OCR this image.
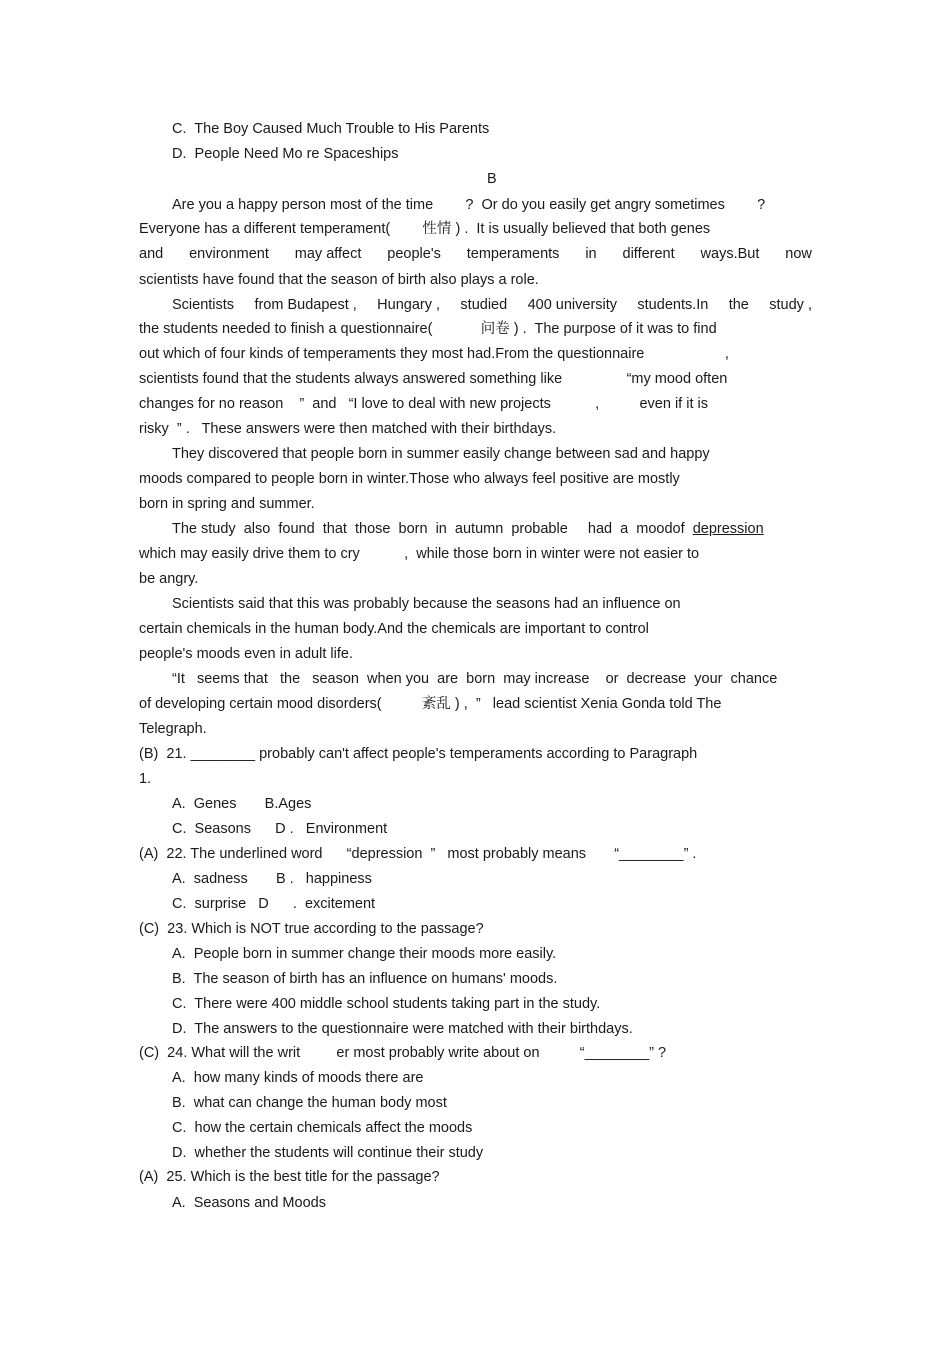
C.  The Boy Caused Much Trouble to His Parents
D.  People Need Mo re Spaceships
B
Are you a happy person most of the time        ?  Or do you easily get angry sometimes        ?
Everyone has a different temperament(        性情 ) .  It is usually believed that both genes
and environment may affect people's temperaments in different ways.But now
scientists have found that the season of birth also plays a role.
Scientists from Budapest , Hungary , studied 400 university students.In the study ,
the students needed to finish a questionnaire(            问卷 ) .  The purpose of it was to find
out which of four kinds of temperaments they most had.From the questionnaire                    ,
scientists found that the students always answered something like                “my mood often
changes for no reason    ”  and   “I love to deal with new projects           ,          even if it is
risky  ” .   These answers were then matched with their birthdays.
They discovered that people born in summer easily change between sad and happy
moods compared to people born in winter.Those who always feel positive are mostly
born in spring and summer.
The study  also  found  that  those  born  in  autumn  probable     had  a  moodof  depression
which may easily drive them to cry           ,  while those born in winter were not easier to
be angry.
Scientists said that this was probably because the seasons had an influence on
certain chemicals in the human body.And the chemicals are important to control
people's moods even in adult life.
“It   seems that   the   season  when you  are  born  may increase    or  decrease  your  chance
of developing certain mood disorders(          紊乱 ) ,  ”   lead scientist Xenia Gonda told The
Telegraph.
(B)  21. ________ probably can't affect people's temperaments according to Paragraph
1.
A.  Genes       B.Ages
C.  Seasons      D .   Environment
(A)  22. The underlined word      “depression  ”   most probably means       “________” .
A.  sadness       B .   happiness
C.  surprise   D      .  excitement
(C)  23. Which is NOT true according to the passage?
A.  People born in summer change their moods more easily.
B.  The season of birth has an influence on humans' moods.
C.  There were 400 middle school students taking part in the study.
D.  The answers to the questionnaire were matched with their birthdays.
(C)  24. What will the writ         er most probably write about on          “________” ?
A.  how many kinds of moods there are
B.  what can change the human body most
C.  how the certain chemicals affect the moods
D.  whether the students will continue their study
(A)  25. Which is the best title for the passage?
A.  Seasons and Moods
